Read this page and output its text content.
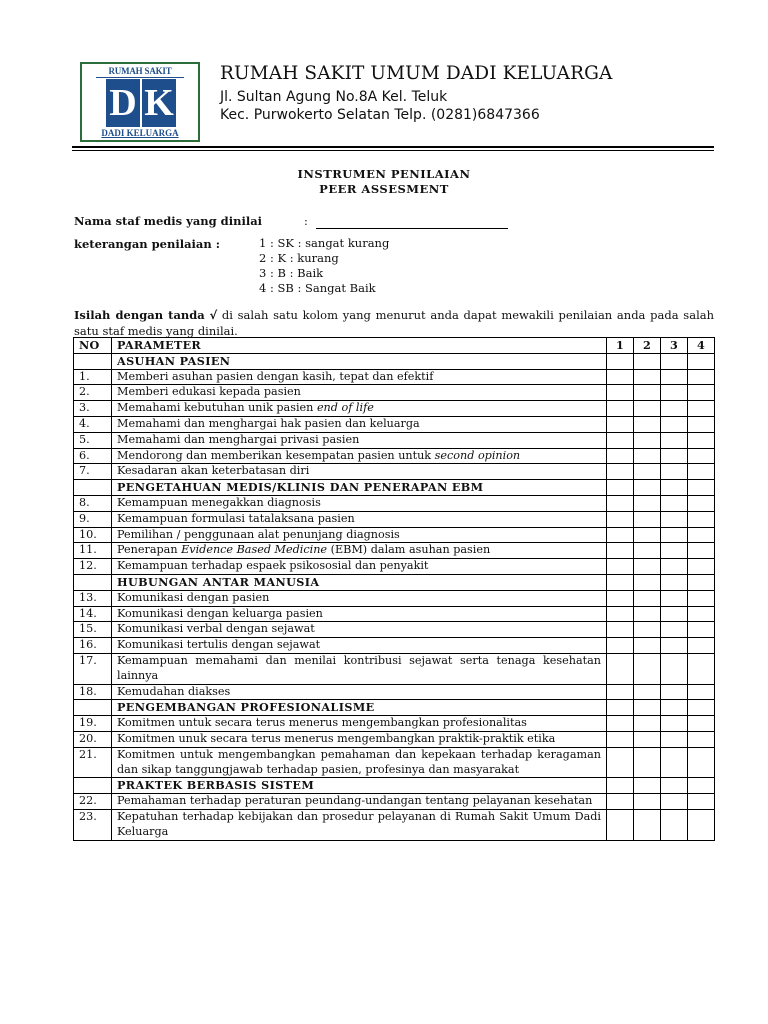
RUMAH SAKIT
D K
DADI KELUARGA
RUMAH SAKIT UMUM DADI KELUARGA
Jl. Sultan Agung No.8A Kel. Teluk
Kec. Purwokerto Selatan Telp. (0281)6847366
INSTRUMEN PENILAIAN
PEER ASSESMENT
Nama staf medis yang dinilai	:
keterangan penilaian :	1 : SK : sangat kurang
2 : K : kurang
3 : B : Baik
4 : SB : Sangat Baik
Isilah dengan tanda √ di salah satu kolom yang menurut anda dapat mewakili penilaian anda pada salah satu staf medis yang dinilai.
NO	PARAMETER	1	2	3	4
	ASUHAN PASIEN				
1.	Memberi asuhan pasien dengan kasih, tepat dan efektif				
2.	Memberi edukasi kepada pasien				
3.	Memahami kebutuhan unik pasien end of life				
4.	Memahami dan menghargai hak pasien dan keluarga				
5.	Memahami dan menghargai privasi pasien				
6.	Mendorong dan memberikan kesempatan pasien untuk second opinion				
7.	Kesadaran akan keterbatasan diri				
	PENGETAHUAN MEDIS/KLINIS DAN PENERAPAN EBM				
8.	Kemampuan menegakkan diagnosis				
9.	Kemampuan formulasi tatalaksana pasien				
10.	Pemilihan / penggunaan alat penunjang diagnosis				
11.	Penerapan Evidence Based Medicine (EBM) dalam asuhan pasien				
12.	Kemampuan terhadap espaek psikososial dan penyakit				
	HUBUNGAN ANTAR MANUSIA				
13.	Komunikasi dengan pasien				
14.	Komunikasi dengan keluarga pasien				
15.	Komunikasi verbal dengan sejawat				
16.	Komunikasi tertulis dengan sejawat				
17.	Kemampuan memahami dan menilai kontribusi sejawat serta tenaga kesehatan lainnya				
18.	Kemudahan diakses				
	PENGEMBANGAN PROFESIONALISME				
19.	Komitmen untuk secara terus menerus mengembangkan profesionalitas				
20.	Komitmen unuk secara terus menerus mengembangkan praktik-praktik etika				
21.	Komitmen untuk mengembangkan pemahaman dan kepekaan terhadap keragaman dan sikap tanggungjawab terhadap pasien, profesinya dan masyarakat				
	PRAKTEK BERBASIS SISTEM				
22.	Pemahaman terhadap peraturan peundang-undangan tentang pelayanan kesehatan				
23.	Kepatuhan terhadap kebijakan dan prosedur pelayanan di Rumah Sakit Umum Dadi Keluarga				
